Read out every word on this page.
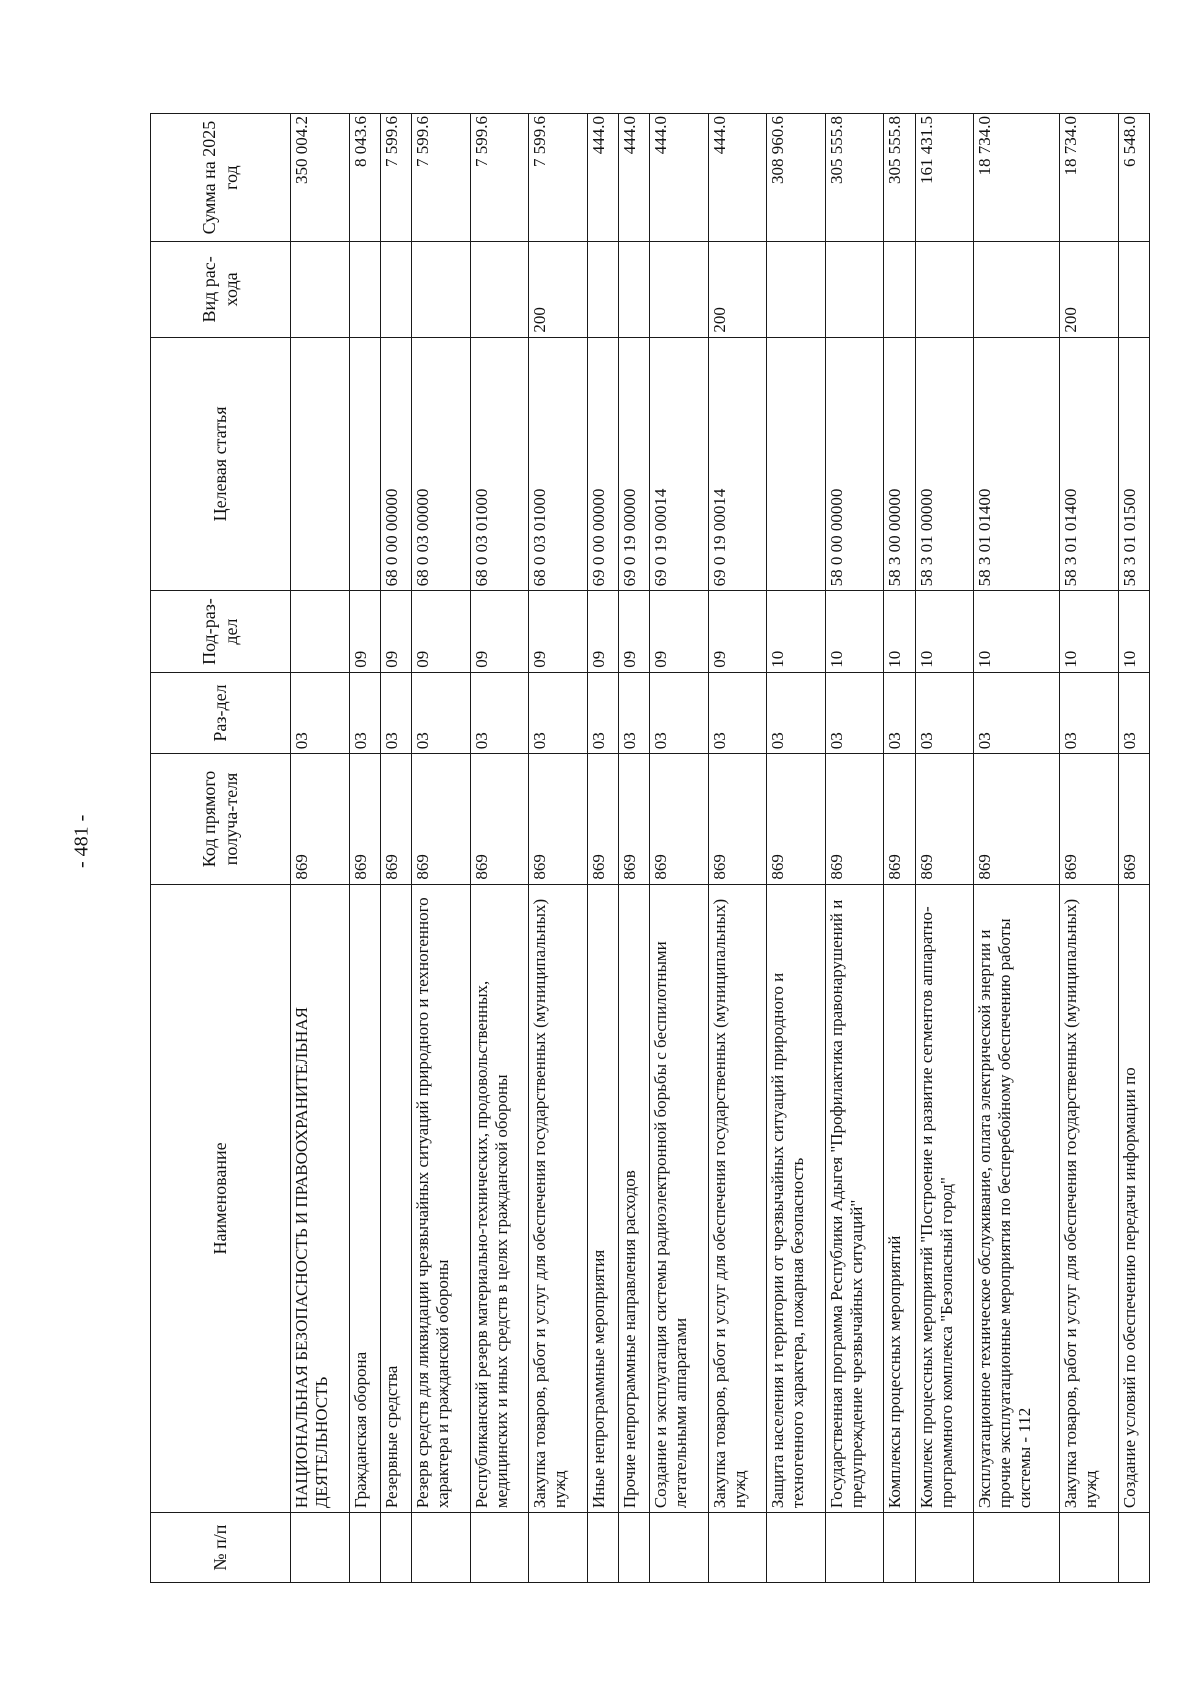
- 481 -
№ п/п	Наименование	Код прямого получа-теля	Раз-дел	Под-раз-дел	Целевая статья	Вид рас-хода	Сумма на 2025 год
	НАЦИОНАЛЬНАЯ БЕЗОПАСНОСТЬ И ПРАВООХРАНИТЕЛЬНАЯ ДЕЯТЕЛЬНОСТЬ	869	03				350 004.2
	Гражданская оборона	869	03	09			8 043.6
	Резервные средства	869	03	09	68 0 00 00000		7 599.6
	Резерв средств для ликвидации чрезвычайных ситуаций природного и техногенного характера и гражданской обороны	869	03	09	68 0 03 00000		7 599.6
	Республиканский резерв материально-технических, продовольственных, медицинских и иных средств в целях гражданской обороны	869	03	09	68 0 03 01000		7 599.6
	Закупка товаров, работ и услуг для обеспечения государственных (муниципальных) нужд	869	03	09	68 0 03 01000	200	7 599.6
	Иные непрограммные мероприятия	869	03	09	69 0 00 00000		444.0
	Прочие непрограммные направления расходов	869	03	09	69 0 19 00000		444.0
	Создание и эксплуатация системы радиоэлектронной борьбы с беспилотными летательными аппаратами	869	03	09	69 0 19 00014		444.0
	Закупка товаров, работ и услуг для обеспечения государственных (муниципальных) нужд	869	03	09	69 0 19 00014	200	444.0
	Защита населения и территории от чрезвычайных ситуаций природного и техногенного характера, пожарная безопасность	869	03	10			308 960.6
	Государственная программа Республики Адыгея "Профилактика правонарушений и предупреждение чрезвычайных ситуаций"	869	03	10	58 0 00 00000		305 555.8
	Комплексы процессных мероприятий	869	03	10	58 3 00 00000		305 555.8
	Комплекс процессных мероприятий "Построение и развитие сегментов аппаратно-программного комплекса "Безопасный город"	869	03	10	58 3 01 00000		161 431.5
	Эксплуатационное техническое обслуживание, оплата электрической энергии и прочие эксплуатационные мероприятия по бесперебойному обеспечению работы системы - 112	869	03	10	58 3 01 01400		18 734.0
	Закупка товаров, работ и услуг для обеспечения государственных (муниципальных) нужд	869	03	10	58 3 01 01400	200	18 734.0
	Создание условий по обеспечению передачи информации по	869	03	10	58 3 01 01500		6 548.0
